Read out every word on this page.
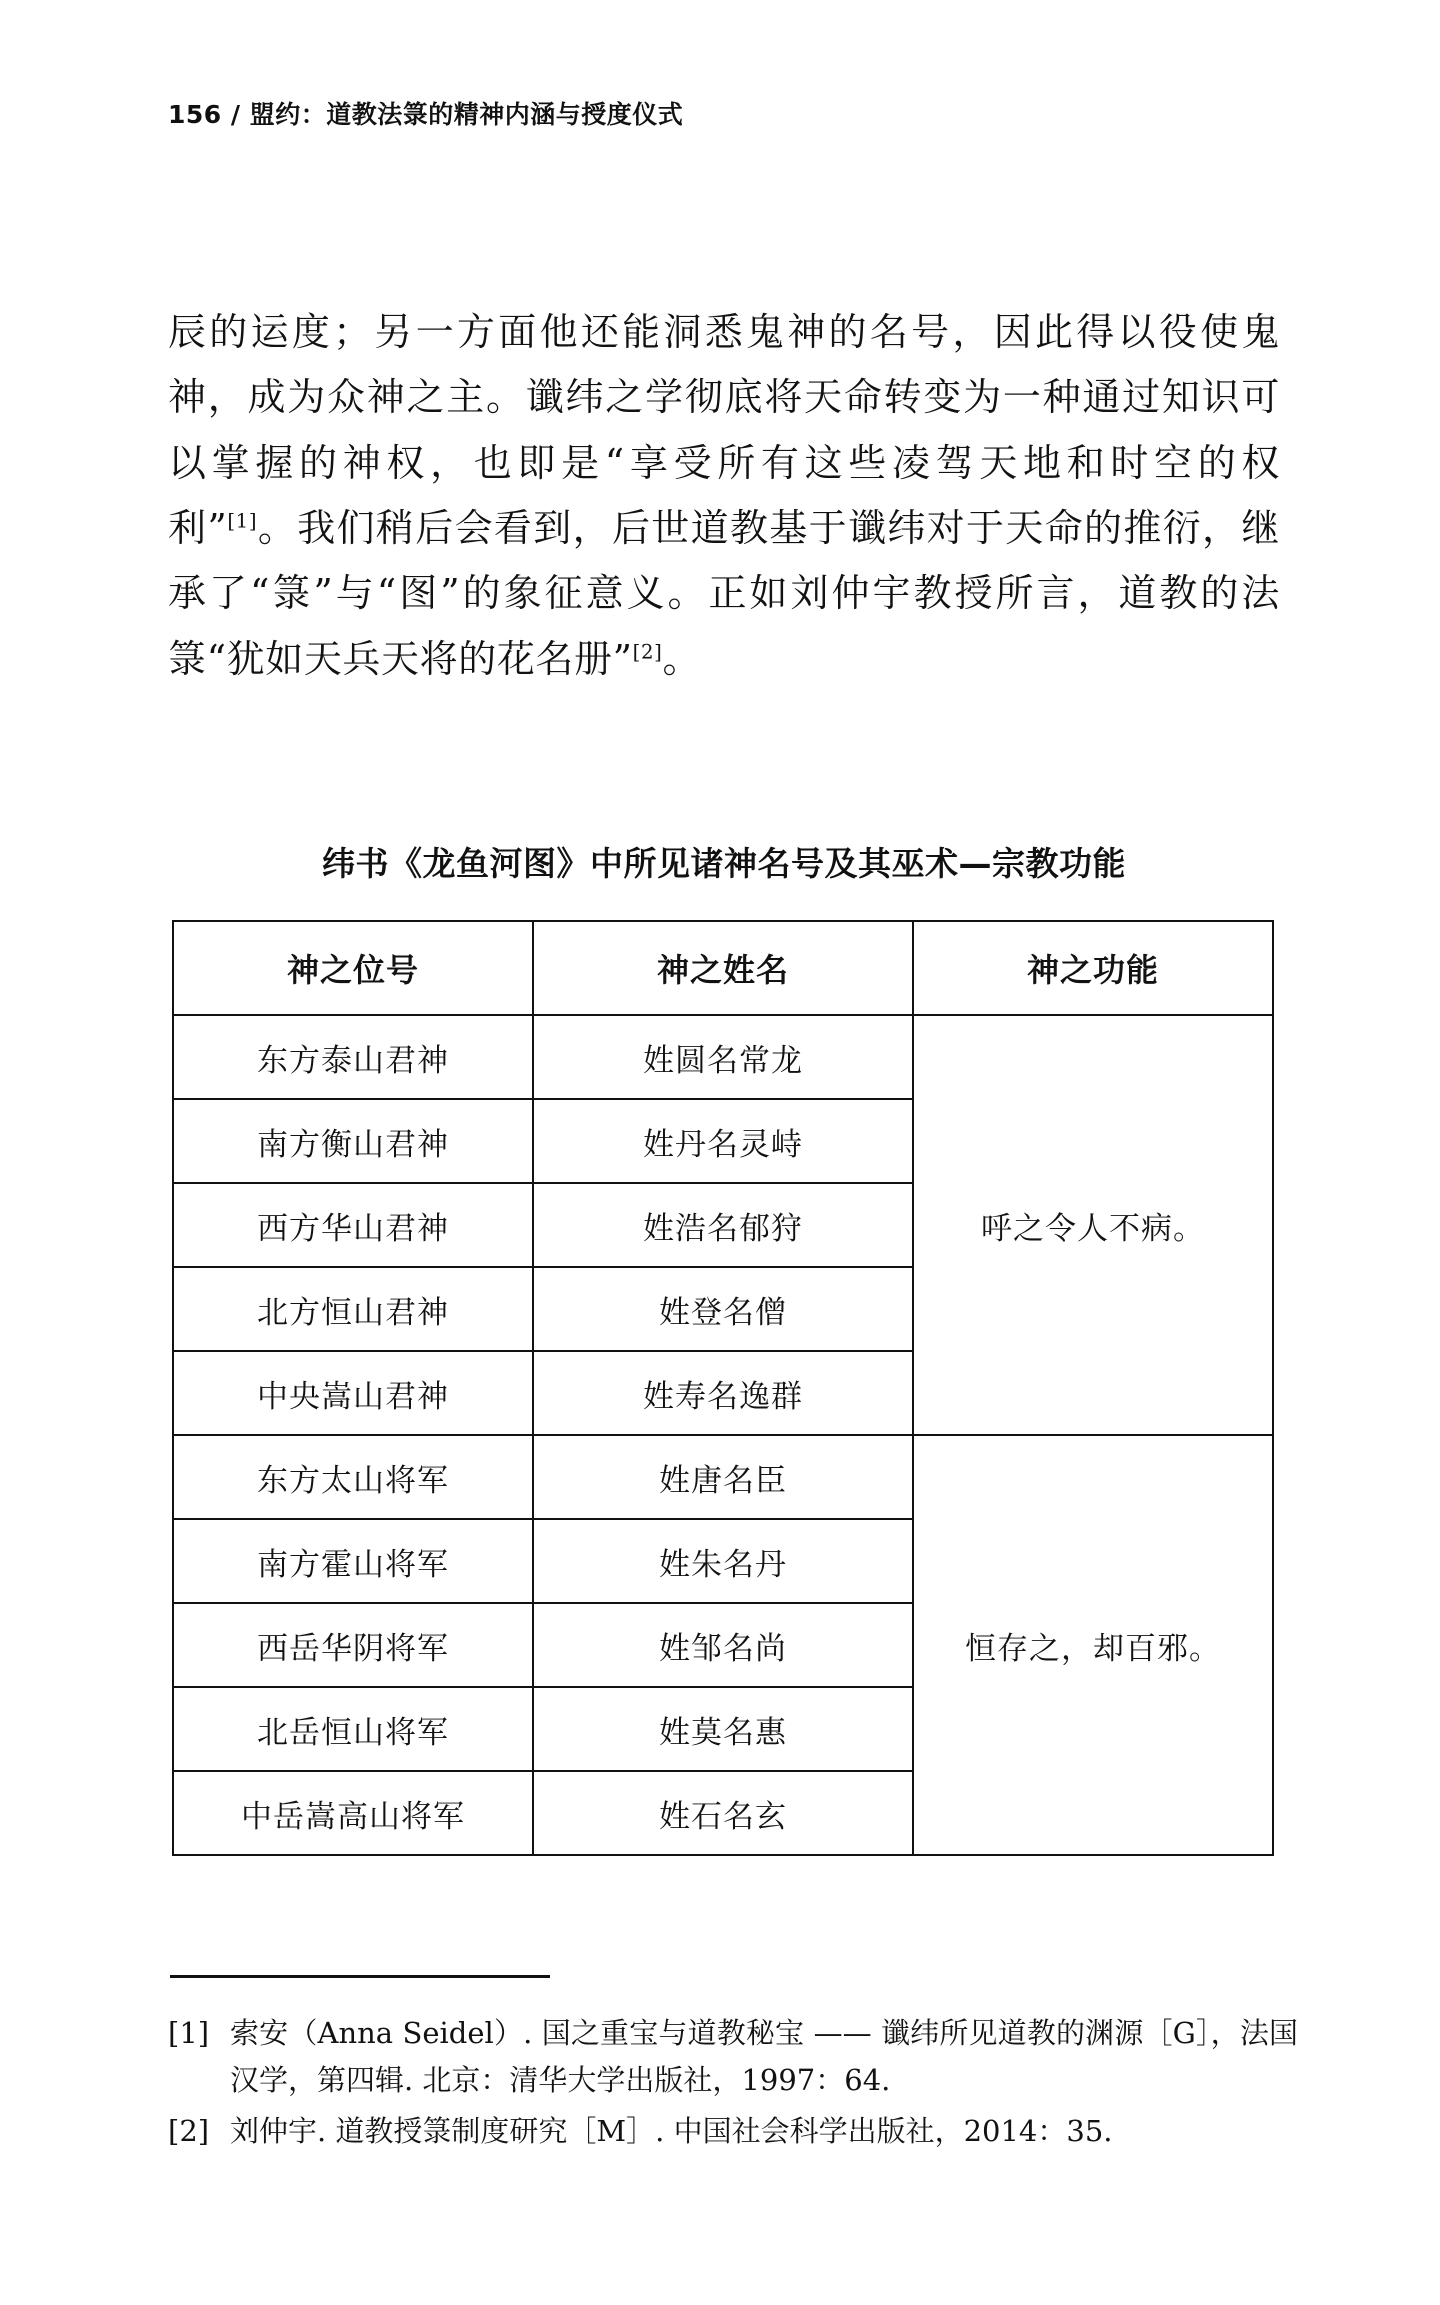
156 / 盟约：道教法箓的精神内涵与授度仪式
辰的运度；另一方面他还能洞悉鬼神的名号，因此得以役使鬼神，成为众神之主。谶纬之学彻底将天命转变为一种通过知识可以掌握的神权，也即是“享受所有这些凌驾天地和时空的权利”[1]。我们稍后会看到，后世道教基于谶纬对于天命的推衍，继承了“箓”与“图”的象征意义。正如刘仲宇教授所言，道教的法箓“犹如天兵天将的花名册”[2]。
纬书《龙鱼河图》中所见诸神名号及其巫术—宗教功能
神之位号	神之姓名	神之功能
东方泰山君神	姓圆名常龙	呼之令人不病。
南方衡山君神	姓丹名灵峙	
西方华山君神	姓浩名郁狩	
北方恒山君神	姓登名僧	
中央嵩山君神	姓寿名逸群	
东方太山将军	姓唐名臣	恒存之，却百邪。
南方霍山将军	姓朱名丹	
西岳华阴将军	姓邹名尚	
北岳恒山将军	姓莫名惠	
中岳嵩高山将军	姓石名玄	
[1] 索安（Anna Seidel）. 国之重宝与道教秘宝 —— 谶纬所见道教的渊源［G］，法国汉学，第四辑. 北京：清华大学出版社，1997：64.
[2] 刘仲宇. 道教授箓制度研究［M］. 中国社会科学出版社，2014：35.
